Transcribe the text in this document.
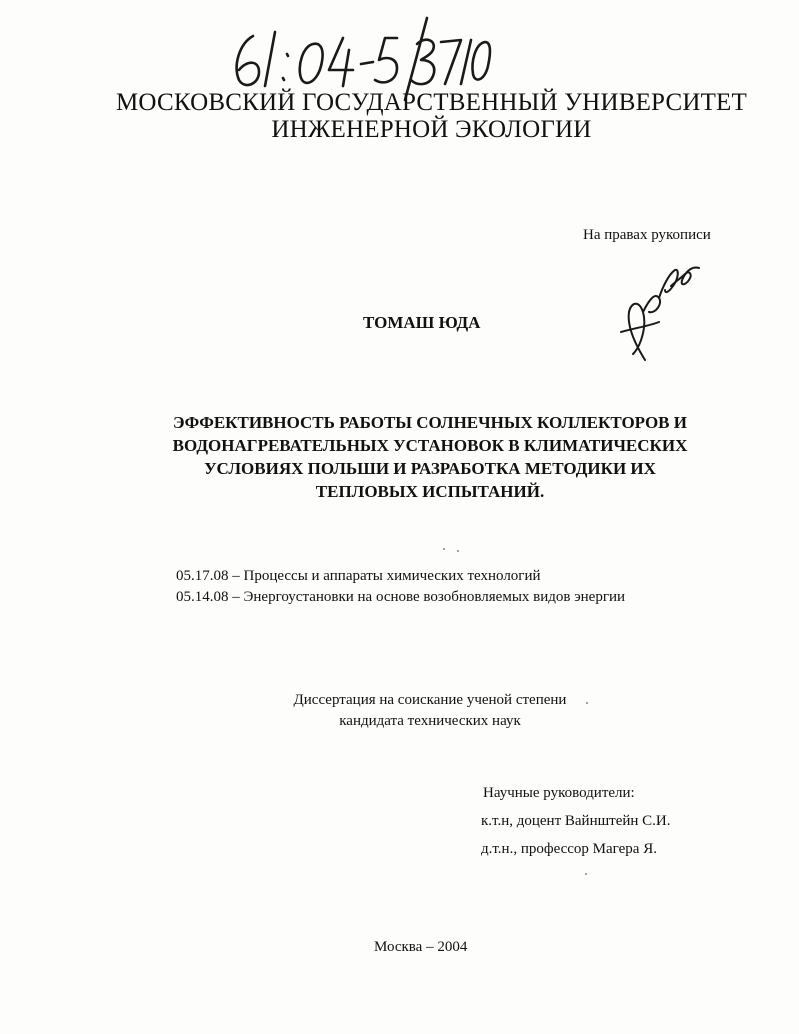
МОСКОВСКИЙ ГОСУДАРСТВЕННЫЙ УНИВЕРСИТЕТ
ИНЖЕНЕРНОЙ ЭКОЛОГИИ
На правах рукописи
ТОМАШ ЮДА
ЭФФЕКТИВНОСТЬ РАБОТЫ СОЛНЕЧНЫХ КОЛЛЕКТОРОВ И
ВОДОНАГРЕВАТЕЛЬНЫХ УСТАНОВОК В КЛИМАТИЧЕСКИХ
УСЛОВИЯХ ПОЛЬШИ И РАЗРАБОТКА МЕТОДИКИ ИХ
ТЕПЛОВЫХ ИСПЫТАНИЙ.
05.17.08 – Процессы и аппараты химических технологий
05.14.08 – Энергоустановки на основе возобновляемых видов энергии
Диссертация на соискание ученой степени
кандидата технических наук
Научные руководители:
к.т.н, доцент Вайнштейн С.И.
д.т.н., профессор Магера Я.
Москва – 2004
